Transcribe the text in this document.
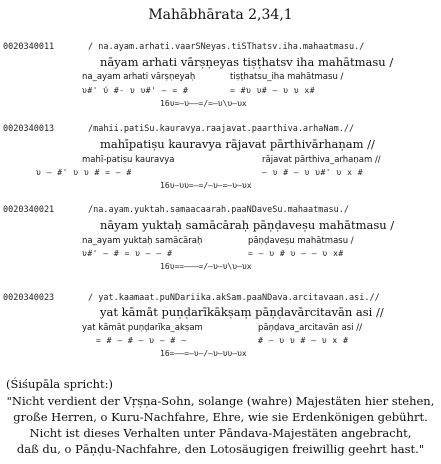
Mahābhārata 2,34,1
0020340011	/ na.ayam.arhati.vaarSNeyas.tiSThatsv.iha.mahaatmasu./
nāyam arhati vārṣṇeyas tiṣṭhatsv iha mahātmasu /
na_ayam arhati vārṣṇeyaḥ	tiṣṭhatsu_iha mahātmasu /
υ#' ύ #- υ υ#' – = #	= #υ υ# – υ υ x#
16υ=–υ––=/=–υ\υ–υx
0020340013	/mahii.patiSu.kauravya.raajavat.paarthiva.arhaNam.//
mahīpatiṣu kauravya rājavat pārthivārhaṇam //
mahī-patiṣu kauravya	rājavat pārthiva_arhaṇam //
υ – #' υ υ # = – #	– υ # – υ υ#' υ x #
16υ–υυ=–=/–υ–=–υ–υx
0020340021	/na.ayam.yuktah.samaacaarah.paaNDaveSu.mahaatmasu./
nāyam yuktaḥ samācāraḥ pāṇḍaveṣu mahātmasu /
na_ayam yuktaḥ samācāraḥ	pāṇḍaveṣu mahātmasu /
υ#' – # = υ – – #	= – υ # υ – – υ x#
16υ==–––=/–υ–υ\υ–υx
0020340023	/ yat.kaamaat.puNDariika.akSam.paaNDava.arcitavaan.asi.//
yat kāmāt puṇḍarīkākṣaṃ pāṇḍavārcitavān asi //
yat kāmāt puṇḍarīka_akṣam	pāṇḍava_arcitavān asi //
= # – # – υ – # –	# – υ υ # – υ x #
16=––=–υ–/–υ–υυ–υx
(Śiśupāla spricht:)
"Nicht verdient der Vṛṣṇa-Sohn, solange (wahre) Majestäten hier stehen,
große Herren, o Kuru-Nachfahre, Ehre, wie sie Erdenkönigen gebührt.
Nicht ist dieses Verhalten unter Pāndava-Majestäten angebracht,
daß du, o Pāṇḍu-Nachfahre, den Lotosäugigen freiwillig geehrt hast."
